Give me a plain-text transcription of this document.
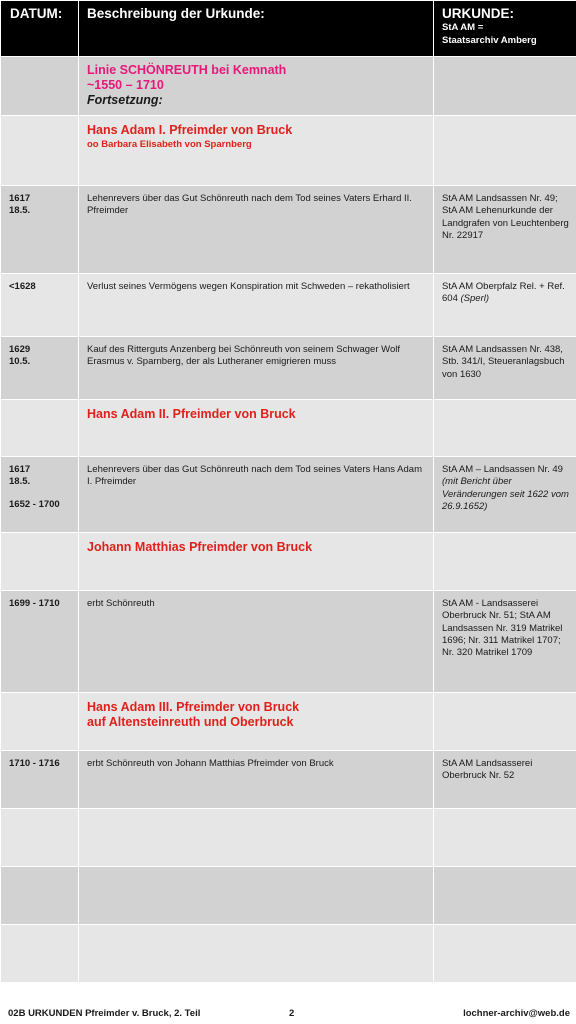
DATUM:	Beschreibung der Urkunde:	URKUNDE:
StA AM =
Staatsarchiv Amberg

	Linie SCHÖNREUTH bei Kemnath
~1550 – 1710
Fortsetzung:	

	Hans Adam I. Pfreimder von Bruck
oo Barbara Elisabeth von Sparnberg	

1617
18.5.	Lehenrevers über das Gut Schönreuth nach dem Tod seines Vaters Erhard II. Pfreimder	StA AM Landsassen Nr. 49; StA AM Lehenurkunde der Landgrafen von Leuchtenberg Nr. 22917

<1628	Verlust seines Vermögens wegen Konspiration mit Schweden – rekatholisiert	StA AM Oberpfalz Rel. + Ref. 604 (Sperl)

1629
10.5.	Kauf des Ritterguts Anzenberg bei Schönreuth von seinem Schwager Wolf Erasmus v. Sparnberg, der als Lutheraner emigrieren muss	StA AM Landsassen Nr. 438, Stb. 341/I, Steueranlagsbuch von 1630

	Hans Adam II. Pfreimder von Bruck	

1617
18.5.
1652 - 1700	Lehenrevers über das Gut Schönreuth nach dem Tod seines Vaters Hans Adam I. Pfreimder	StA AM – Landsassen Nr. 49 (mit Bericht über Veränderungen seit 1622 vom 26.9.1652)

	Johann Matthias Pfreimder von Bruck	

1699 - 1710	erbt Schönreuth	StA AM - Landsasserei Oberbruck Nr. 51; StA AM Landsassen Nr. 319 Matrikel 1696; Nr. 311 Matrikel 1707; Nr. 320 Matrikel 1709

	Hans Adam III. Pfreimder von Bruck
auf Altensteinreuth und Oberbruck	

1710 - 1716	erbt Schönreuth von Johann Matthias Pfreimder von Bruck	StA AM Landsasserei Oberbruck Nr. 52

02B URKUNDEN Pfreimder v. Bruck, 2. Teil	2	lochner-archiv@web.de
